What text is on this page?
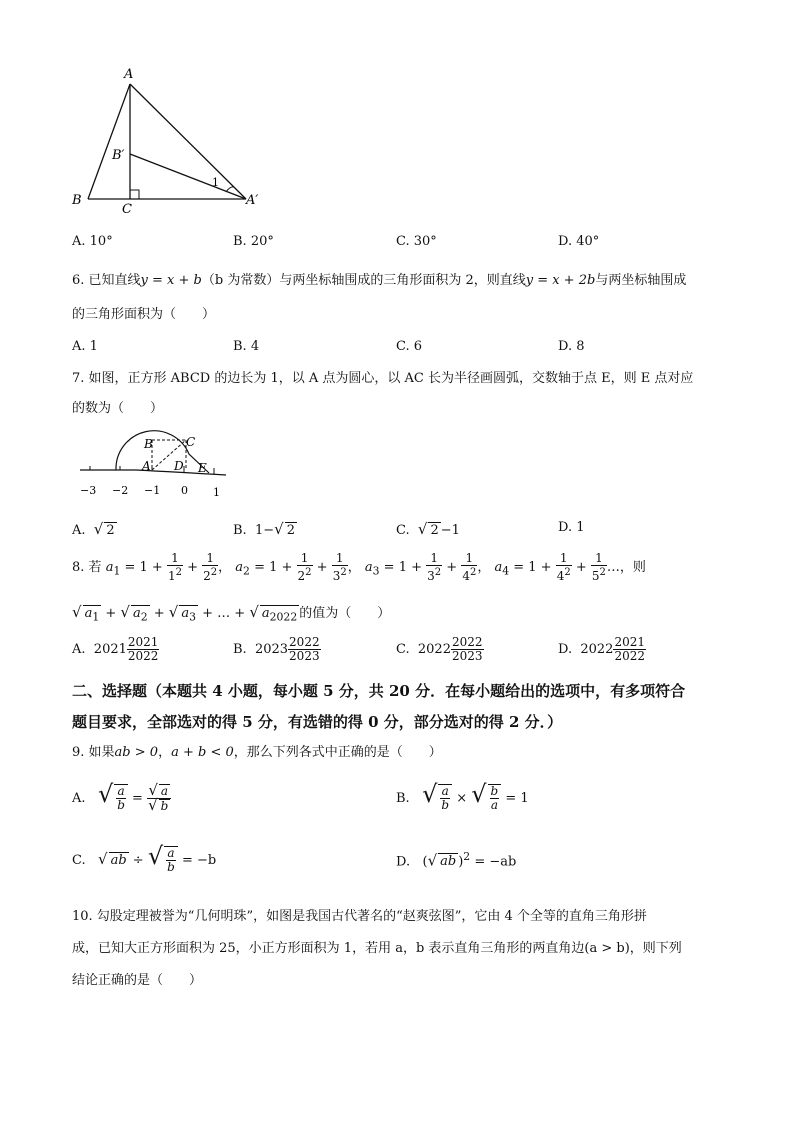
A
B′
B
C
A′
1
A. 10°	B. 20°	C. 30°	D. 40°
6. 已知直线y = x + b（b 为常数）与两坐标轴围成的三角形面积为 2，则直线y = x + 2b与两坐标轴围成
的三角形面积为（　　）
A. 1	B. 4	C. 6	D. 8
7. 如图，正方形 ABCD 的边长为 1，以 A 点为圆心，以 AC 长为半径画圆弧，交数轴于点 E，则 E 点对应
的数为（　　）
B	C
A D E
−3 −2 −1 0 1
A. √ 2	B. 1−√ 2	C. √ 2 −1	D. 1
8. 若 $a_1 = 1 + \frac{1}{1^2} + \frac{1}{2^2}$ ， $a_2 = 1 + \frac{1}{2^2} + \frac{1}{3^2}$ ， $a_3 = 1 + \frac{1}{3^2} + \frac{1}{4^2}$ ， $a_4 = 1 + \frac{1}{4^2} + \frac{1}{5^2}$ …，则
√ $a_1$ + √ $a_2$ + √ $a_3$ + … + √ $a_{2022}$ 的值为（　　）
A. $2021 \frac{2021}{2022}$	B. $2023 \frac{2022}{2023}$	C. $2022 \frac{2022}{2023}$	D. $2022 \frac{2021}{2022}$
二、选择题（本题共 4 小题，每小题 5 分，共 20 分．在每小题给出的选项中，有多项符合
题目要求，全部选对的得 5 分，有选错的得 0 分，部分选对的得 2 分．）
9. 如果ab > 0，a + b < 0，那么下列各式中正确的是（　　）
A. √ $\frac{a}{b} = \frac{√ a}{√ b}$	B. √ $\frac{a}{b}$ × √ $\frac{b}{a} = 1$
C. √ ab ÷ √ $\frac{a}{b} = -b$	D.   (√ ab )$^2$ = −ab
10. 勾股定理被誉为“几何明珠”，如图是我国古代著名的“赵爽弦图”，它由 4 个全等的直角三角形拼
成，已知大正方形面积为 25，小正方形面积为 1，若用 a，b 表示直角三角形的两直角边(a > b)，则下列
结论正确的是（　　）
